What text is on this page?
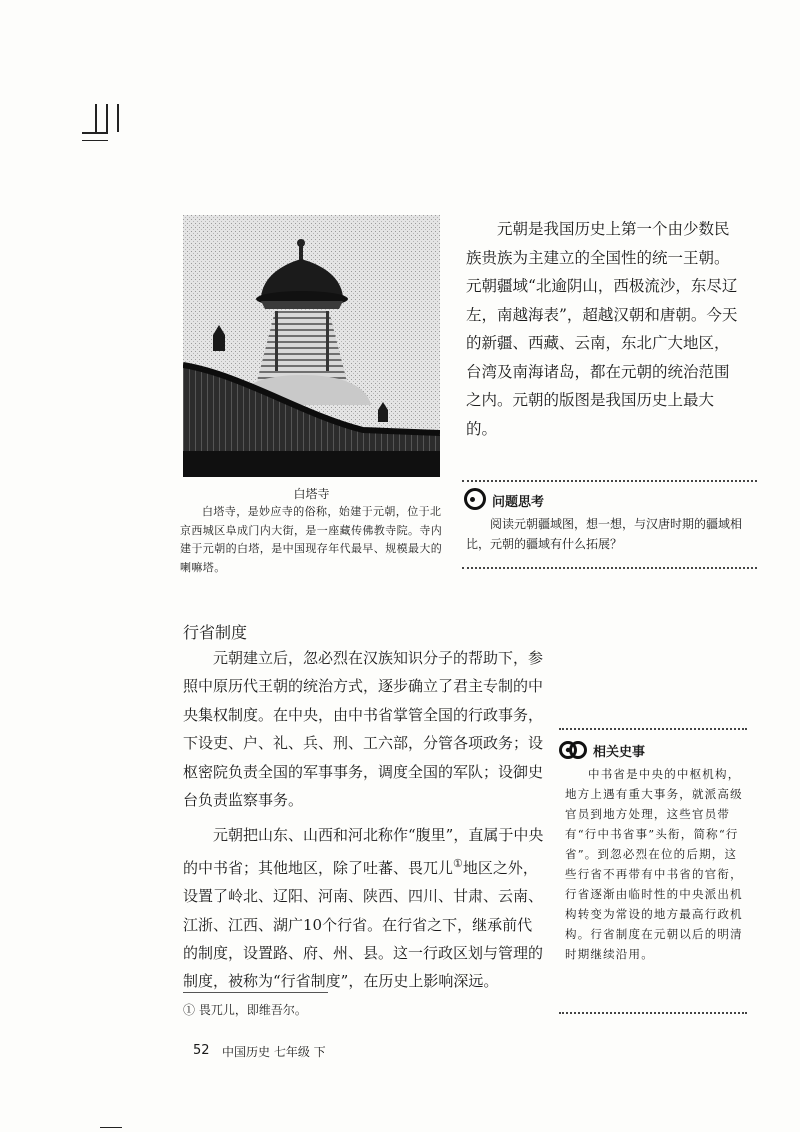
白塔寺

白塔寺，是妙应寺的俗称，始建于元朝，位于北京西城区阜成门内大街，是一座藏传佛教寺院。寺内建于元朝的白塔，是中国现存年代最早、规模最大的喇嘛塔。

元朝是我国历史上第一个由少数民族贵族为主建立的全国性的统一王朝。元朝疆域“北逾阴山，西极流沙，东尽辽左，南越海表”，超越汉朝和唐朝。今天的新疆、西藏、云南，东北广大地区，台湾及南海诸岛，都在元朝的统治范围之内。元朝的版图是我国历史上最大的。

问题思考

阅读元朝疆域图，想一想，与汉唐时期的疆域相比，元朝的疆域有什么拓展？

行省制度

元朝建立后，忽必烈在汉族知识分子的帮助下，参照中原历代王朝的统治方式，逐步确立了君主专制的中央集权制度。在中央，由中书省掌管全国的行政事务，下设吏、户、礼、兵、刑、工六部，分管各项政务；设枢密院负责全国的军事事务，调度全国的军队；设御史台负责监察事务。

元朝把山东、山西和河北称作“腹里”，直属于中央的中书省；其他地区，除了吐蕃、畏兀儿①地区之外，设置了岭北、辽阳、河南、陕西、四川、甘肃、云南、江浙、江西、湖广10个行省。在行省之下，继承前代的制度，设置路、府、州、县。这一行政区划与管理的制度，被称为“行省制度”，在历史上影响深远。

相关史事

中书省是中央的中枢机构，地方上遇有重大事务，就派高级官员到地方处理，这些官员带有“行中书省事”头衔，简称“行省”。到忽必烈在位的后期，这些行省不再带有中书省的官衔，行省逐渐由临时性的中央派出机构转变为常设的地方最高行政机构。行省制度在元朝以后的明清时期继续沿用。

① 畏兀儿，即维吾尔。
52 中国历史 七年级 下
